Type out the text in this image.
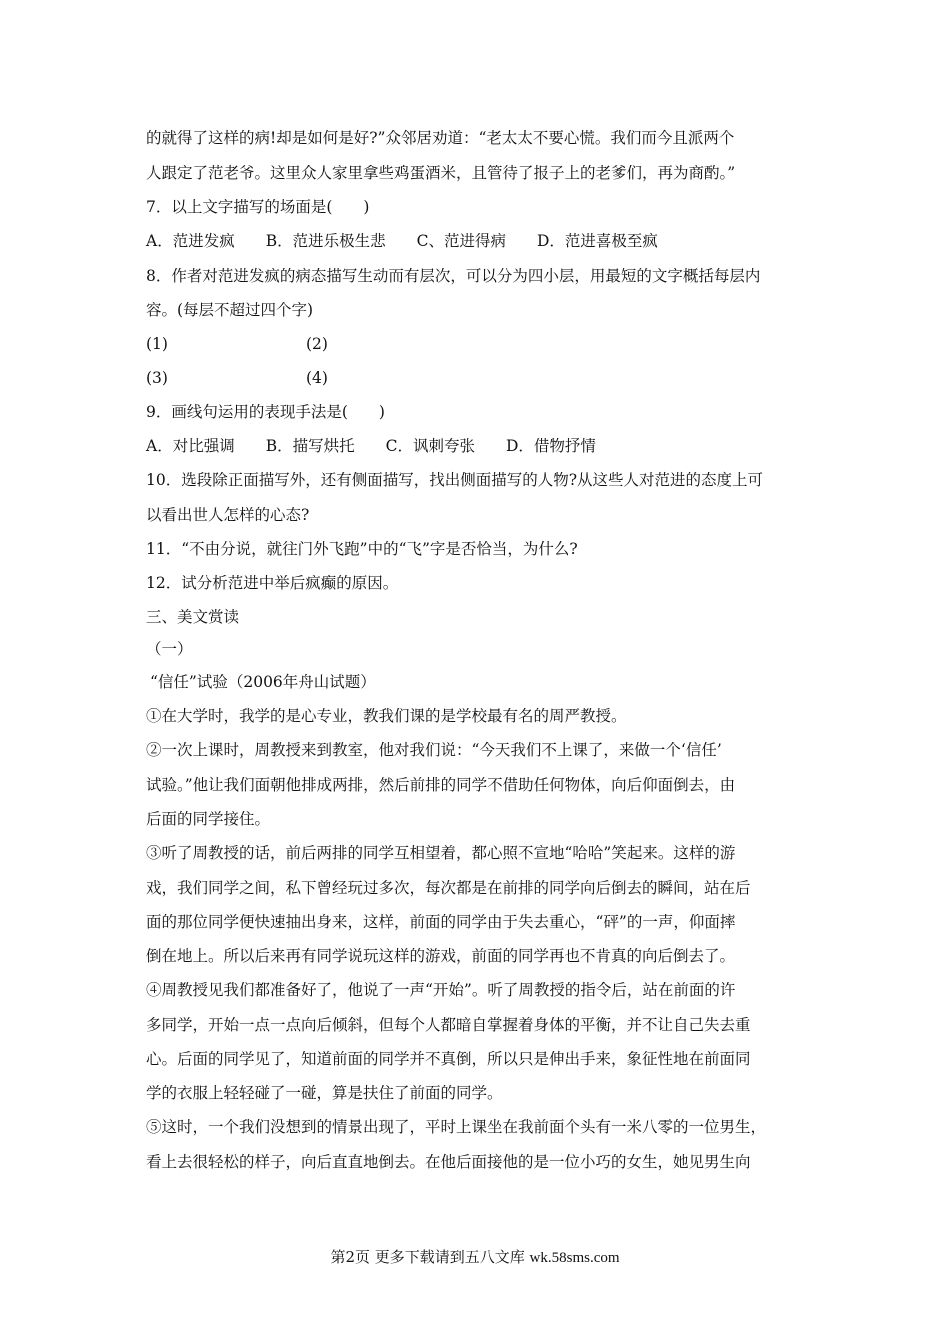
的就得了这样的病!却是如何是好?”众邻居劝道：“老太太不要心慌。我们而今且派两个
人跟定了范老爷。这里众人家里拿些鸡蛋酒米，且管待了报子上的老爹们，再为商酌。”
7．以上文字描写的场面是(　　)
A．范进发疯　　B．范进乐极生悲　　C、范进得病　　D．范进喜极至疯
8．作者对范进发疯的病态描写生动而有层次，可以分为四小层，用最短的文字概括每层内
容。(每层不超过四个字)
(1)	(2)
(3)	(4)
9．画线句运用的表现手法是(　　)
A．对比强调　　B．描写烘托　　C．讽刺夸张　　D．借物抒情
10．选段除正面描写外，还有侧面描写，找出侧面描写的人物?从这些人对范进的态度上可
以看出世人怎样的心态?
11．“不由分说，就往门外飞跑”中的“飞”字是否恰当，为什么?
12．试分析范进中举后疯癫的原因。
三、美文赏读
（一）
“信任”试验（2006年舟山试题）
①在大学时，我学的是心专业，教我们课的是学校最有名的周严教授。
②一次上课时，周教授来到教室，他对我们说：“今天我们不上课了，来做一个‘信任’
试验。”他让我们面朝他排成两排，然后前排的同学不借助任何物体，向后仰面倒去，由
后面的同学接住。
③听了周教授的话，前后两排的同学互相望着，都心照不宣地“哈哈”笑起来。这样的游
戏，我们同学之间，私下曾经玩过多次，每次都是在前排的同学向后倒去的瞬间，站在后
面的那位同学便快速抽出身来，这样，前面的同学由于失去重心，“砰”的一声，仰面摔
倒在地上。所以后来再有同学说玩这样的游戏，前面的同学再也不肯真的向后倒去了。
④周教授见我们都准备好了，他说了一声“开始”。听了周教授的指令后，站在前面的许
多同学，开始一点一点向后倾斜，但每个人都暗自掌握着身体的平衡，并不让自己失去重
心。后面的同学见了，知道前面的同学并不真倒，所以只是伸出手来，象征性地在前面同
学的衣服上轻轻碰了一碰，算是扶住了前面的同学。
⑤这时，一个我们没想到的情景出现了，平时上课坐在我前面个头有一米八零的一位男生，
看上去很轻松的样子，向后直直地倒去。在他后面接他的是一位小巧的女生，她见男生向
第2页 更多下载请到五八文库 wk.58sms.com
